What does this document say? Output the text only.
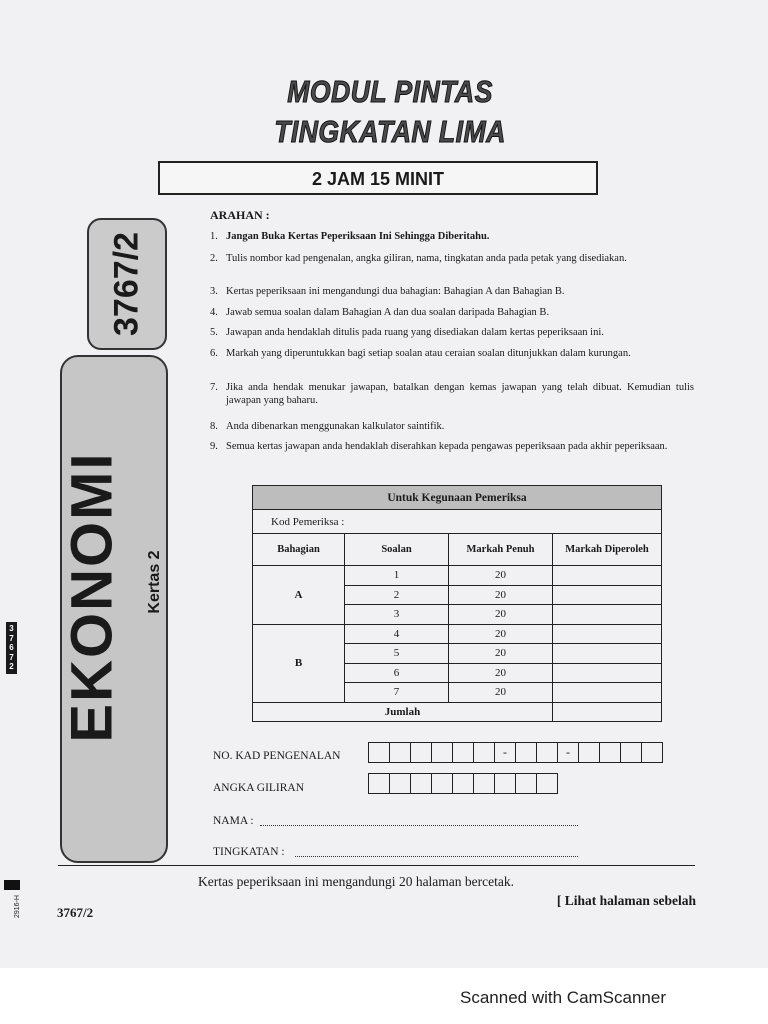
MODUL PINTAS
TINGKATAN LIMA
2 JAM 15 MINIT
3767/2
EKONOMI Kertas 2
3
7
6
7
2
2916-H
ARAHAN :
1. Jangan Buka Kertas Peperiksaan Ini Sehingga Diberitahu.
2. Tulis nombor kad pengenalan, angka giliran, nama, tingkatan anda pada petak yang disediakan.
3. Kertas peperiksaan ini mengandungi dua bahagian: Bahagian A dan Bahagian B.
4. Jawab semua soalan dalam Bahagian A dan dua soalan daripada Bahagian B.
5. Jawapan anda hendaklah ditulis pada ruang yang disediakan dalam kertas peperiksaan ini.
6. Markah yang diperuntukkan bagi setiap soalan atau ceraian soalan ditunjukkan dalam kurungan.
7. Jika anda hendak menukar jawapan, batalkan dengan kemas jawapan yang telah dibuat. Kemudian tulis jawapan yang baharu.
8. Anda dibenarkan menggunakan kalkulator saintifik.
9. Semua kertas jawapan anda hendaklah diserahkan kepada pengawas peperiksaan pada akhir peperiksaan.
Untuk Kegunaan Pemeriksa			
Kod Pemeriksa :			
Bahagian	Soalan	Markah Penuh	Markah Diperoleh
A	1	20	
	2	20	
	3	20	
B	4	20	
	5	20	
	6	20	
	7	20	
Jumlah			
NO. KAD PENGENALAN	-	-
ANGKA GILIRAN
NAMA :
TINGKATAN :
Kertas peperiksaan ini mengandungi 20 halaman bercetak.
[ Lihat halaman sebelah
3767/2
Scanned with CamScanner
